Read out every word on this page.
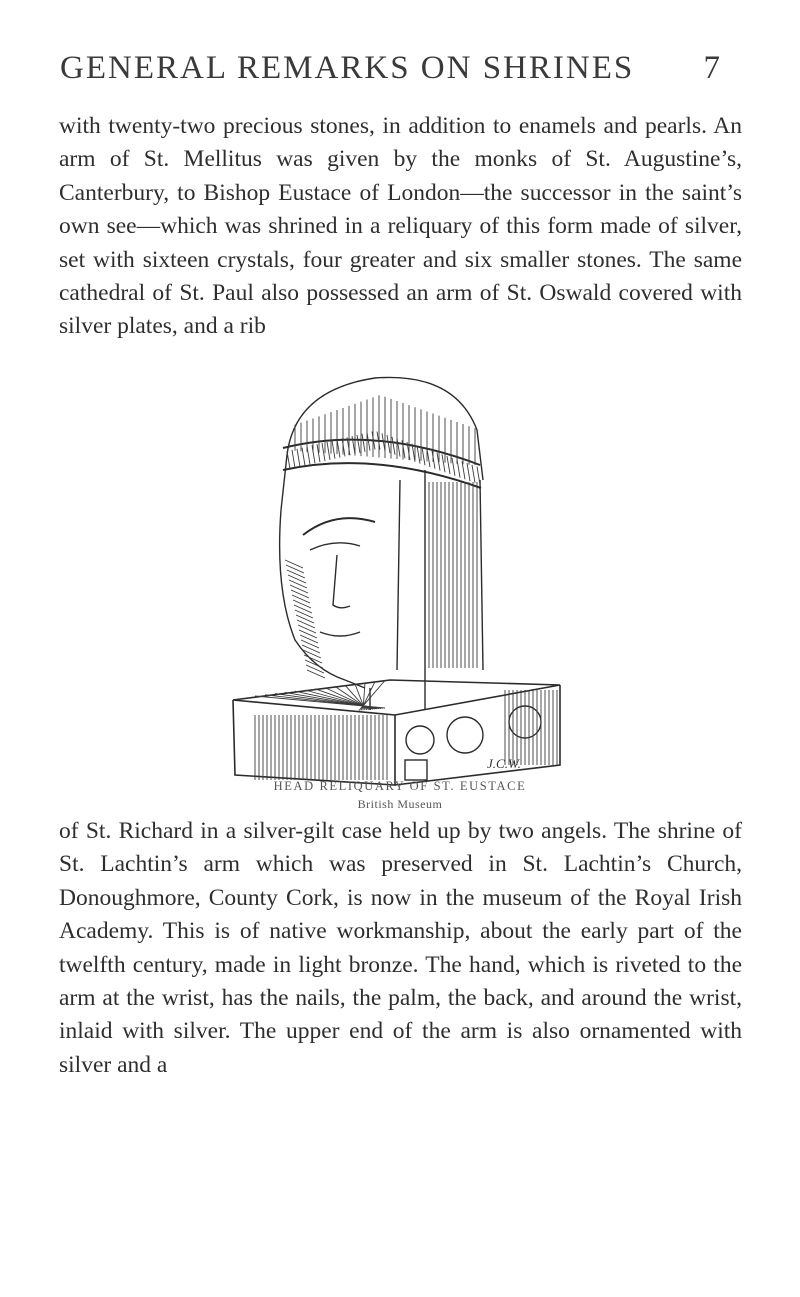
GENERAL REMARKS ON SHRINES 7

with twenty-two precious stones, in addition to enamels and pearls. An arm of St. Mellitus was given by the monks of St. Augustine’s, Canterbury, to Bishop Eustace of London—the successor in the saint’s own see—which was shrined in a reliquary of this form made of silver, set with sixteen crystals, four greater and six smaller stones. The same cathedral of St. Paul also possessed an arm of St. Oswald covered with silver plates, and a rib

J.C.W.
HEAD RELIQUARY OF ST. EUSTACE
British Museum

of St. Richard in a silver-gilt case held up by two angels. The shrine of St. Lachtin’s arm which was preserved in St. Lachtin’s Church, Donoughmore, County Cork, is now in the museum of the Royal Irish Academy. This is of native workmanship, about the early part of the twelfth century, made in light bronze. The hand, which is riveted to the arm at the wrist, has the nails, the palm, the back, and around the wrist, inlaid with silver. The upper end of the arm is also ornamented with silver and a
